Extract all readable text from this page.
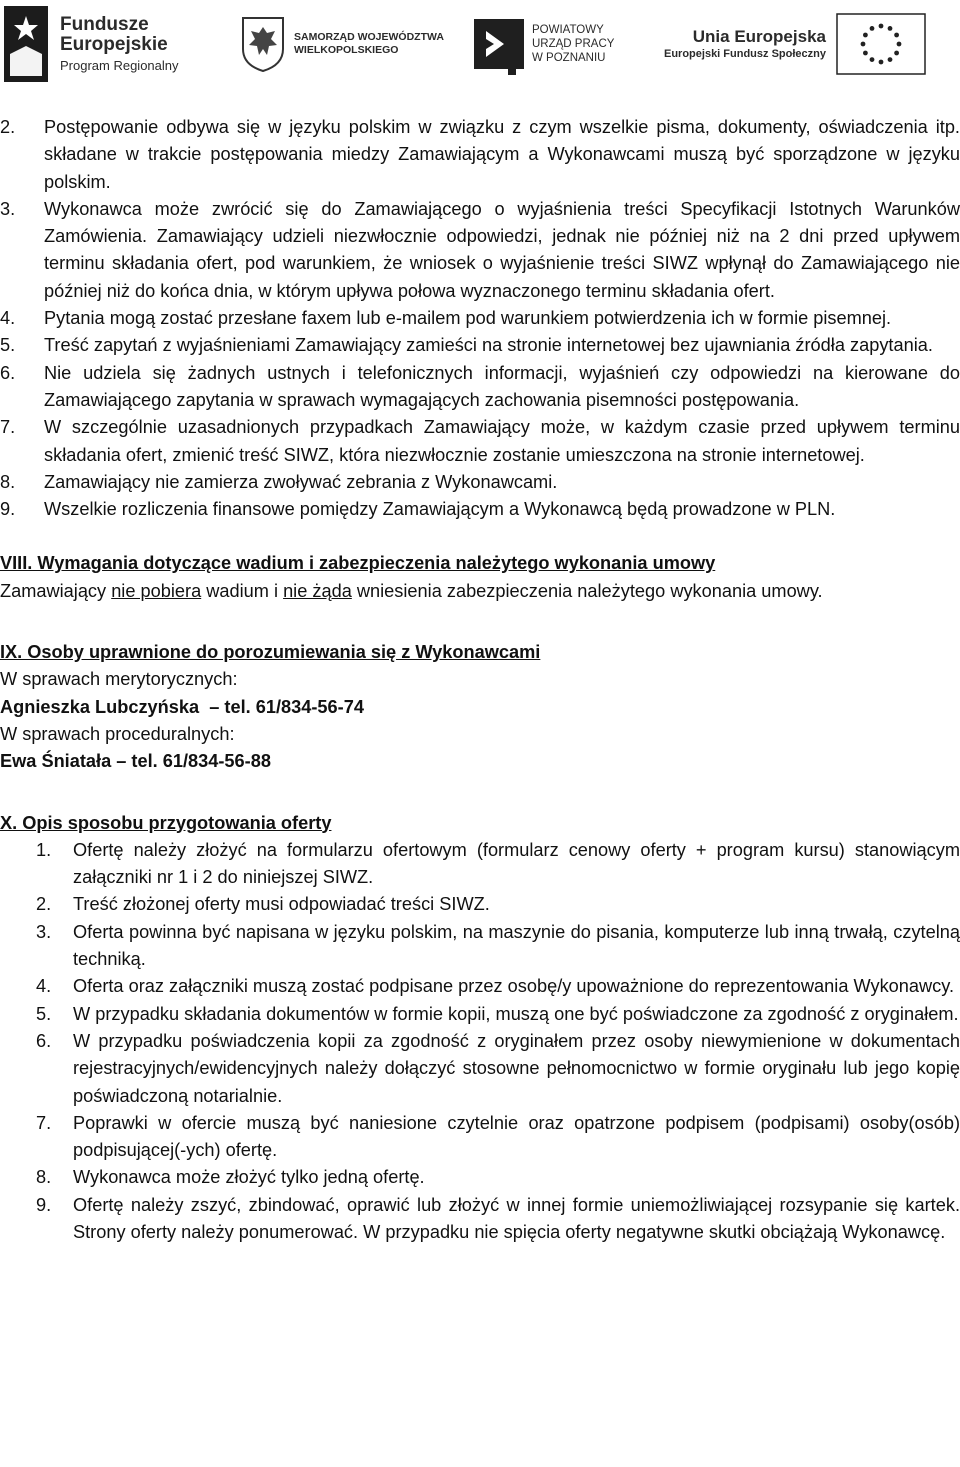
Fundusze
Europejskie
Program Regionalny
SAMORZĄD WOJEWÓDZTWA
WIELKOPOLSKIEGO
POWIATOWY
URZĄD PRACY
W POZNANIU
Unia Europejska
Europejski Fundusz Społeczny
2.	Postępowanie odbywa się w języku polskim w związku z czym wszelkie pisma, dokumenty, oświadczenia itp. składane w trakcie postępowania miedzy Zamawiającym a Wykonawcami muszą być sporządzone w języku polskim.
3.	Wykonawca może zwrócić się do Zamawiającego o wyjaśnienia treści Specyfikacji Istotnych Warunków Zamówienia. Zamawiający udzieli niezwłocznie odpowiedzi, jednak nie później niż na 2 dni przed upływem terminu składania ofert, pod warunkiem, że wniosek o wyjaśnienie treści SIWZ wpłynął do Zamawiającego nie później niż do końca dnia, w którym upływa połowa wyznaczonego terminu składania ofert.
4.	Pytania mogą zostać przesłane faxem lub e-mailem pod warunkiem potwierdzenia ich w formie pisemnej.
5.	Treść zapytań z wyjaśnieniami Zamawiający zamieści na stronie internetowej bez ujawniania źródła zapytania.
6.	Nie udziela się żadnych ustnych i telefonicznych informacji, wyjaśnień czy odpowiedzi na kierowane do Zamawiającego zapytania w sprawach wymagających zachowania pisemności postępowania.
7.	W szczególnie uzasadnionych przypadkach Zamawiający może, w każdym czasie przed upływem terminu składania ofert, zmienić treść SIWZ, która niezwłocznie zostanie umieszczona na stronie internetowej.
8.	Zamawiający nie zamierza zwoływać zebrania z Wykonawcami.
9.	Wszelkie rozliczenia finansowe pomiędzy Zamawiającym a Wykonawcą będą prowadzone w PLN.
VIII. Wymagania dotyczące wadium i zabezpieczenia należytego wykonania umowy
Zamawiający nie pobiera wadium i nie żąda wniesienia zabezpieczenia należytego wykonania umowy.
IX. Osoby uprawnione do porozumiewania się z Wykonawcami
W sprawach merytorycznych:
Agnieszka Lubczyńska  – tel. 61/834-56-74
W sprawach proceduralnych:
Ewa Śniatała – tel. 61/834-56-88
X. Opis sposobu przygotowania oferty
1.	Ofertę należy złożyć na formularzu ofertowym (formularz cenowy oferty + program kursu) stanowiącym załączniki nr 1 i 2 do niniejszej SIWZ.
2.	Treść złożonej oferty musi odpowiadać treści SIWZ.
3.	Oferta powinna być napisana w języku polskim, na maszynie do pisania, komputerze lub inną trwałą, czytelną techniką.
4.	Oferta oraz załączniki muszą zostać podpisane przez osobę/y upoważnione do reprezentowania Wykonawcy.
5.	W przypadku składania dokumentów w formie kopii, muszą one być poświadczone za zgodność z oryginałem.
6.	W przypadku poświadczenia kopii za zgodność z oryginałem przez osoby niewymienione w dokumentach rejestracyjnych/ewidencyjnych należy dołączyć stosowne pełnomocnictwo w formie oryginału lub jego kopię poświadczoną notarialnie.
7.	Poprawki w ofercie muszą być naniesione czytelnie oraz opatrzone podpisem (podpisami) osoby(osób) podpisującej(-ych) ofertę.
8.	Wykonawca może złożyć tylko jedną ofertę.
9.	Ofertę należy zszyć, zbindować, oprawić lub złożyć w innej formie uniemożliwiającej rozsypanie się kartek. Strony oferty należy ponumerować. W przypadku nie spięcia oferty negatywne skutki obciążają Wykonawcę.
